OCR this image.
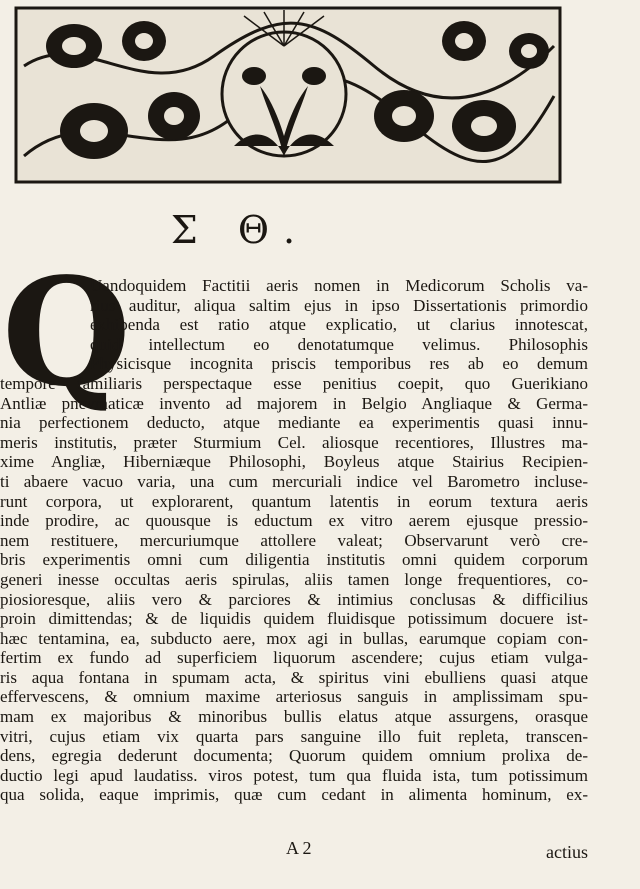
Σ Θ.
Q
Uandoquidem Factitii aeris nomen in Medicorum Scholis va-
rius auditur, aliqua saltim ejus in ipso Dissertationis primordio
exhibenda est ratio atque explicatio, ut clarius innotescat,
quid intellectum eo denotatumque velimus. Philosophis
Physicisque incognita priscis temporibus res ab eo demum
tempore familiaris perspectaque esse penitius coepit, quo Guerikiano
Antliæ pnevmaticæ invento ad majorem in Belgio Angliaque & Germa-
nia perfectionem deducto, atque mediante ea experimentis quasi innu-
meris institutis, præter Sturmium Cel. aliosque recentiores, Illustres ma-
xime Angliæ, Hiberniæque Philosophi, Boyleus atque Stairius Recipien-
ti abaere vacuo varia, una cum mercuriali indice vel Barometro incluse-
runt corpora, ut explorarent, quantum latentis in eorum textura aeris
inde prodire, ac quousque is eductum ex vitro aerem ejusque pressio-
nem restituere, mercuriumque attollere valeat; Observarunt verò cre-
bris experimentis omni cum diligentia institutis omni quidem corporum
generi inesse occultas aeris spirulas, aliis tamen longe frequentiores, co-
piosioresque, aliis vero & parciores & intimius conclusas & difficilius
proin dimittendas; & de liquidis quidem fluidisque potissimum docuere ist-
hæc tentamina, ea, subducto aere, mox agi in bullas, earumque copiam con-
fertim ex fundo ad superficiem liquorum ascendere; cujus etiam vulga-
ris aqua fontana in spumam acta, & spiritus vini ebulliens quasi atque
effervescens, & omnium maxime arteriosus sanguis in amplissimam spu-
mam ex majoribus & minoribus bullis elatus atque assurgens, orasque
vitri, cujus etiam vix quarta pars sanguine illo fuit repleta, transcen-
dens, egregia dederunt documenta; Quorum quidem omnium prolixa de-
ductio legi apud laudatiss. viros potest, tum qua fluida ista, tum potissimum
qua solida, eaque imprimis, quæ cum cedant in alimenta hominum, ex-
A 2	actius
